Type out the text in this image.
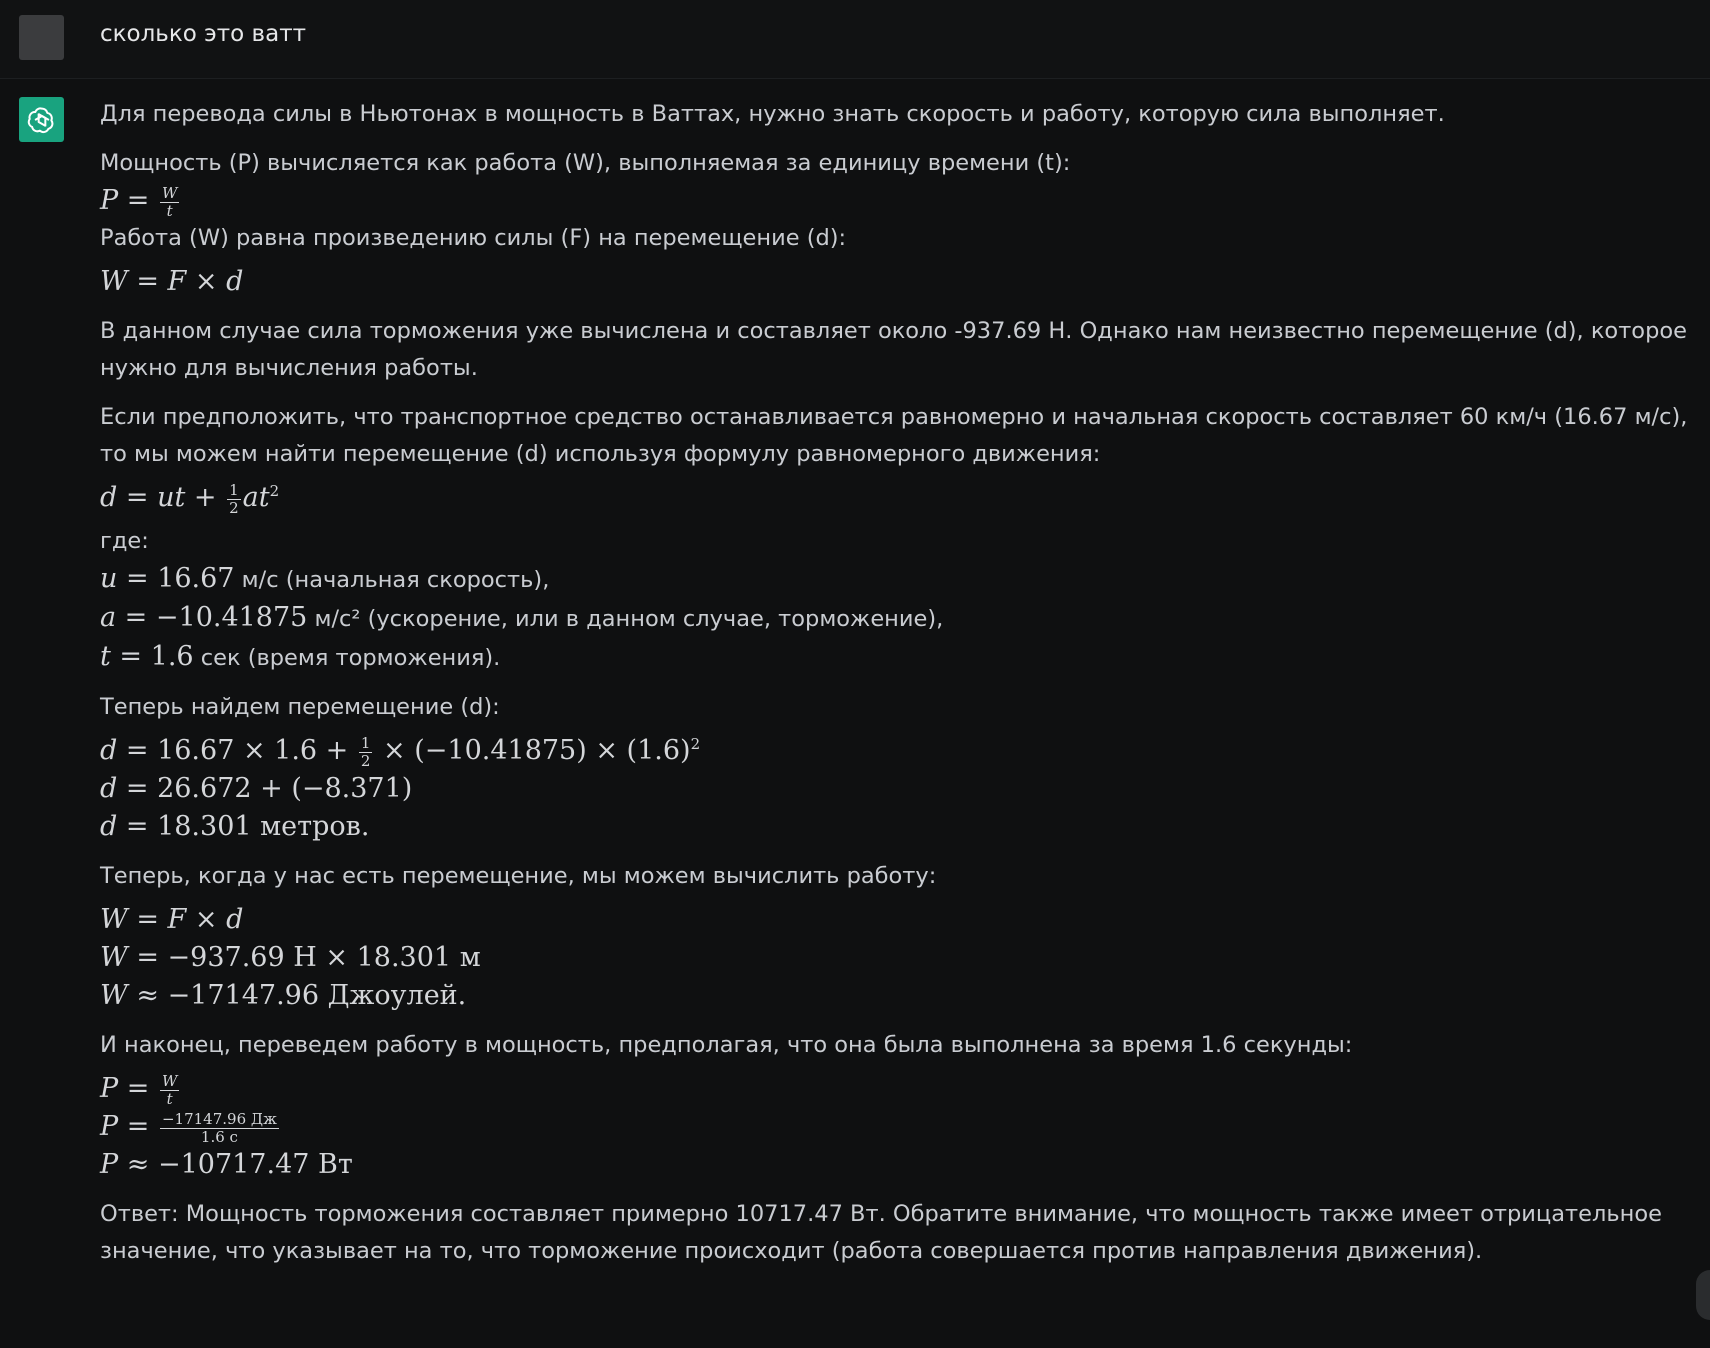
сколько это ватт

Для перевода силы в Ньютонах в мощность в Ваттах, нужно знать скорость и работу, которую сила выполняет.

Мощность (P) вычисляется как работа (W), выполняемая за единицу времени (t):

$P = \frac{W}{t}$

Работа (W) равна произведению силы (F) на перемещение (d):

W = F × d

В данном случае сила торможения уже вычислена и составляет около -937.69 Н. Однако нам неизвестно перемещение (d), которое нужно для вычисления работы.

Если предположить, что транспортное средство останавливается равномерно и начальная скорость составляет 60 км/ч (16.67 м/с), то мы можем найти перемещение (d) используя формулу равномерного движения:

d = ut + $\frac{1}{2} at^2$

где:

u = 16.67 м/с (начальная скорость),
a = −10.41875 м/с² (ускорение, или в данном случае, торможение),
t = 1.6 сек (время торможения).

Теперь найдем перемещение (d):

$d = 16.67 \times 1.6 + \frac{1}{2} \times (-10.41875) \times (1.6)^2$
d = 26.672 + (−8.371)
d = 18.301 метров.

Теперь, когда у нас есть перемещение, мы можем вычислить работу:

W = F × d
W = −937.69 Н × 18.301 м
W ≈ −17147.96 Джоулей.

И наконец, переведем работу в мощность, предполагая, что она была выполнена за время 1.6 секунды:

$P = \frac{W}{t}$
$P = \frac{-17147.96 Дж}{1.6 с}$
P ≈ −10717.47 Вт

Ответ: Мощность торможения составляет примерно 10717.47 Вт. Обратите внимание, что мощность также имеет отрицательное значение, что указывает на то, что торможение происходит (работа совершается против направления движения).
